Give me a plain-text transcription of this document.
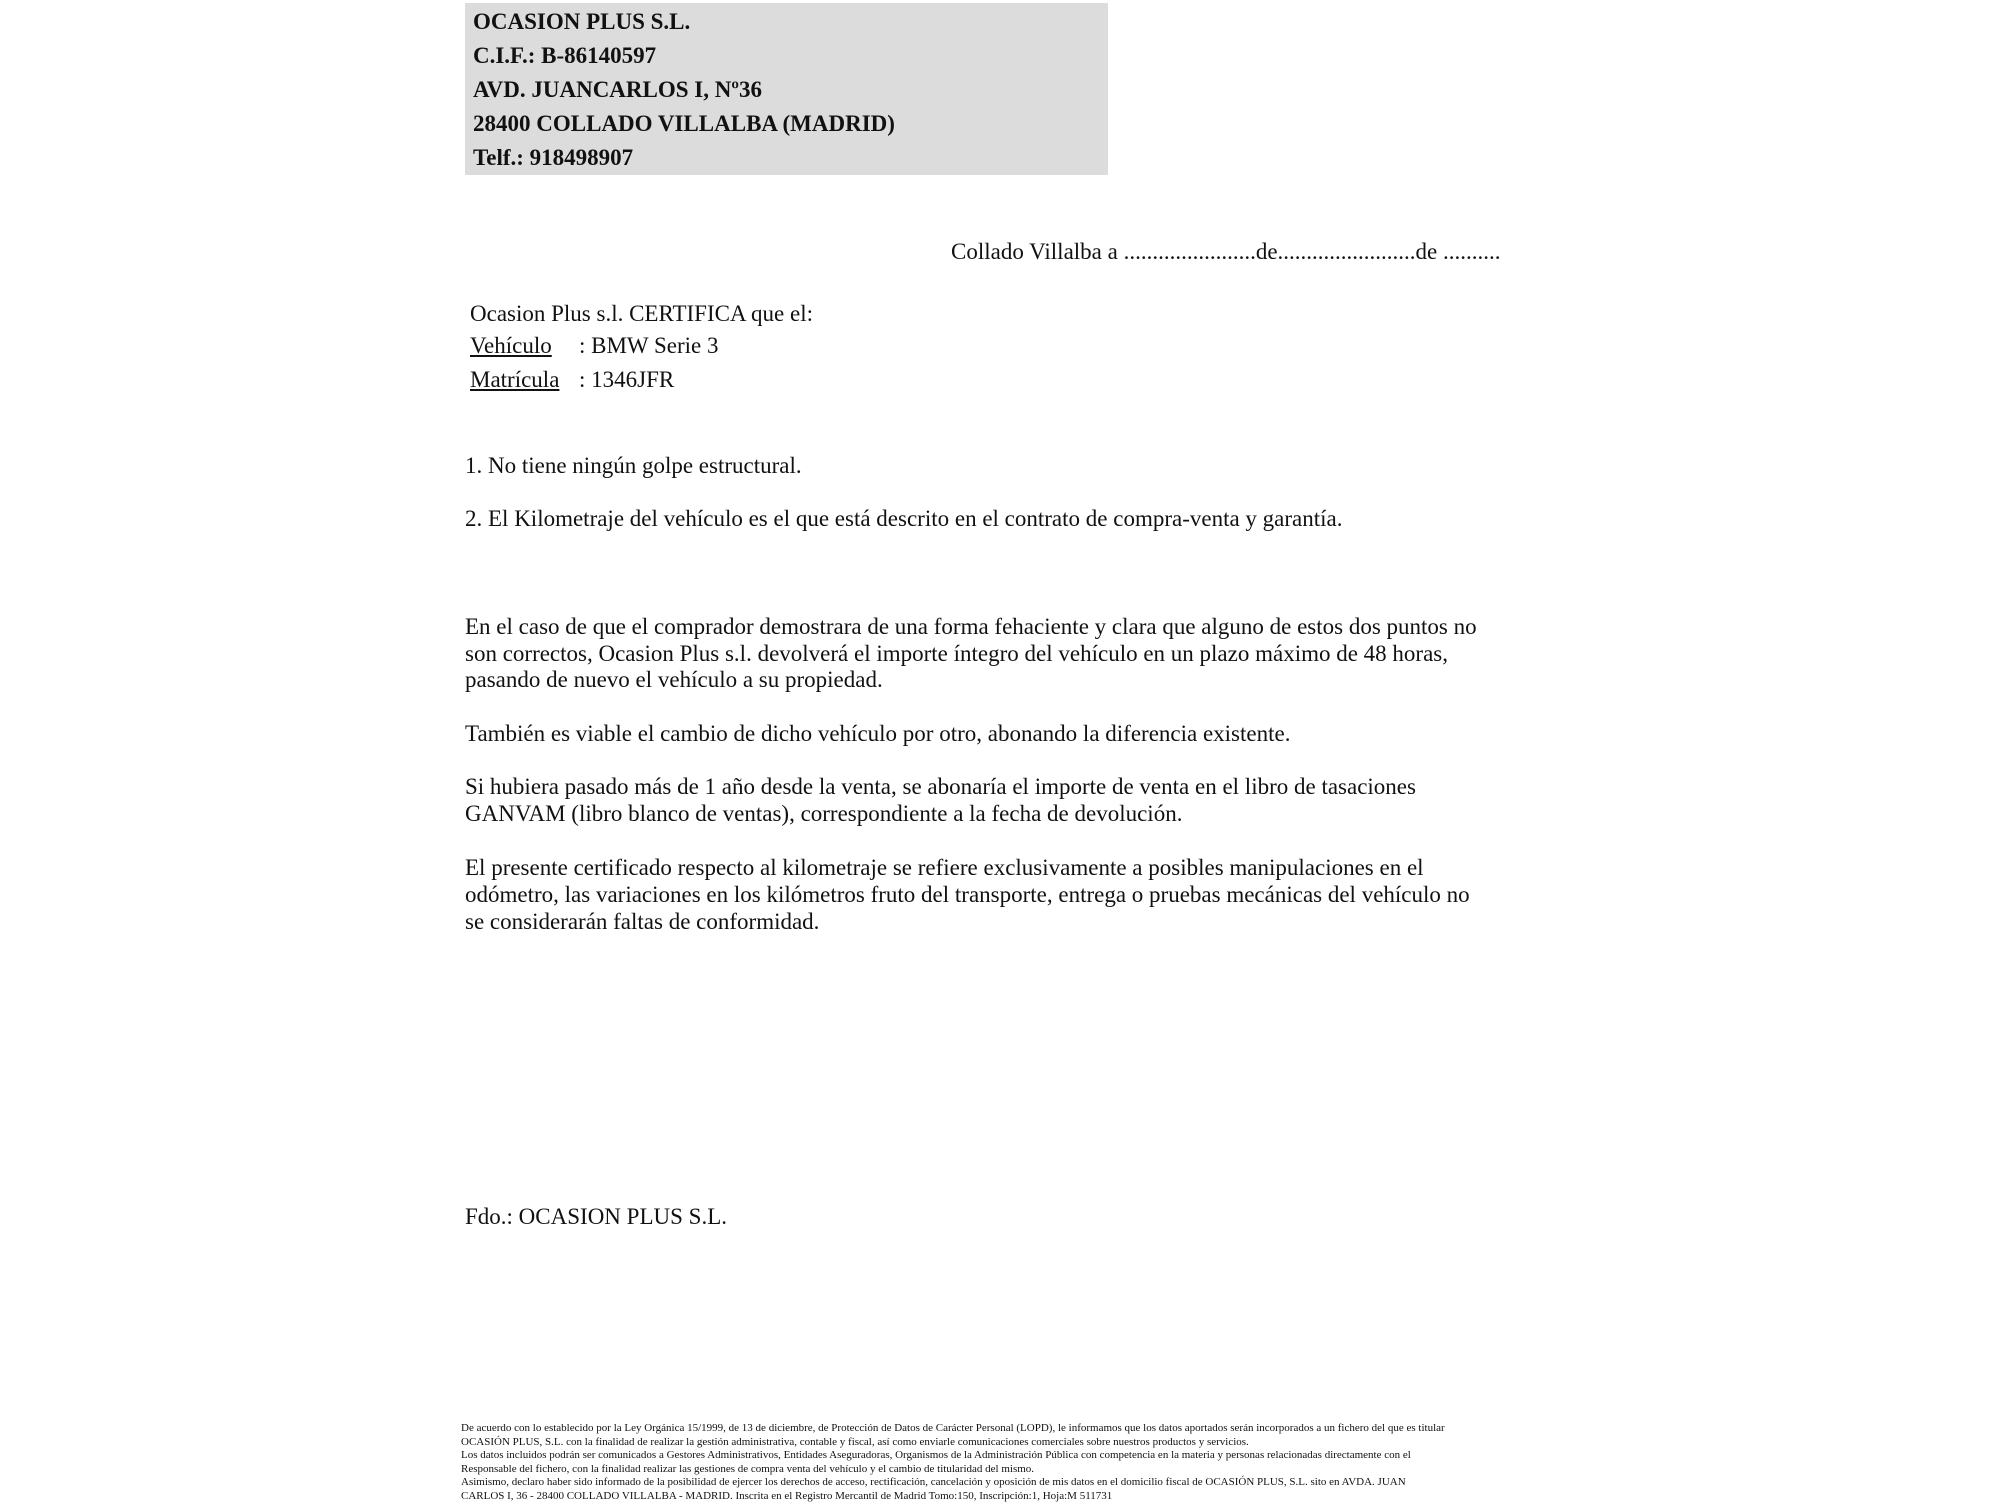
OCASION PLUS S.L.
C.I.F.: B-86140597
AVD. JUANCARLOS I, Nº36
28400 COLLADO VILLALBA (MADRID)
Telf.: 918498907
Collado Villalba a .......................de........................de ..........
Ocasion Plus s.l. CERTIFICA que el:
Vehículo : BMW Serie 3
Matrícula : 1346JFR
1. No tiene ningún golpe estructural.
2. El Kilometraje del vehículo es el que está descrito en el contrato de compra-venta y garantía.
En el caso de que el comprador demostrara de una forma fehaciente y clara que alguno de estos dos puntos no
son correctos, Ocasion Plus s.l. devolverá el importe íntegro del vehículo en un plazo máximo de 48 horas,
pasando de nuevo el vehículo a su propiedad.
También es viable el cambio de dicho vehículo por otro, abonando la diferencia existente.
Si hubiera pasado más de 1 año desde la venta, se abonaría el importe de venta en el libro de tasaciones
GANVAM (libro blanco de ventas), correspondiente a la fecha de devolución.
El presente certificado respecto al kilometraje se refiere exclusivamente a posibles manipulaciones en el
odómetro, las variaciones en los kilómetros fruto del transporte, entrega o pruebas mecánicas del vehículo no
se considerarán faltas de conformidad.
Fdo.: OCASION PLUS S.L.
De acuerdo con lo establecido por la Ley Orgánica 15/1999, de 13 de diciembre, de Protección de Datos de Carácter Personal (LOPD), le informamos que los datos aportados serán incorporados a un fichero del que es titular
OCASIÓN PLUS, S.L. con la finalidad de realizar la gestión administrativa, contable y fiscal, así como enviarle comunicaciones comerciales sobre nuestros productos y servicios.
Los datos incluidos podrán ser comunicados a Gestores Administrativos, Entidades Aseguradoras, Organismos de la Administración Pública con competencia en la materia y personas relacionadas directamente con el
Responsable del fichero, con la finalidad realizar las gestiones de compra venta del vehículo y el cambio de titularidad del mismo.
Asimismo, declaro haber sido informado de la posibilidad de ejercer los derechos de acceso, rectificación, cancelación y oposición de mis datos en el domicilio fiscal de OCASIÓN PLUS, S.L. sito en AVDA. JUAN
CARLOS I, 36 - 28400 COLLADO VILLALBA - MADRID. Inscrita en el Registro Mercantil de Madrid Tomo:150, Inscripción:1, Hoja:M 511731
